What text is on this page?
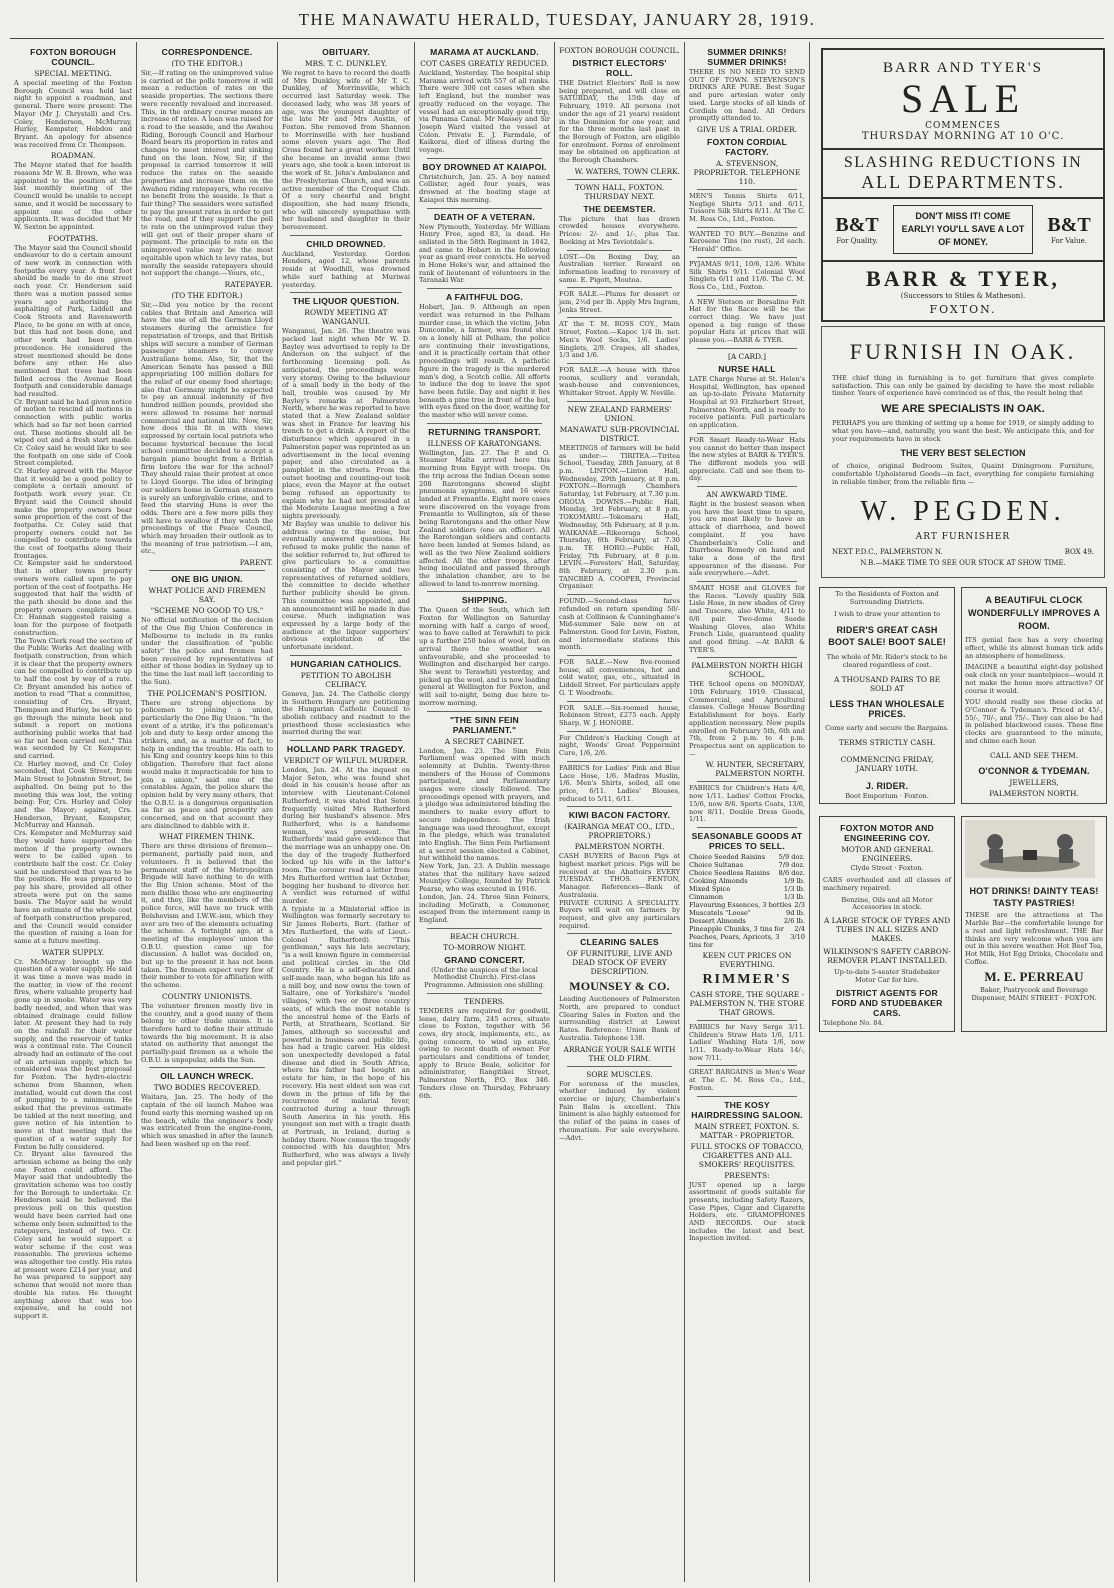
THE MANAWATU HERALD, TUESDAY, JANUARY 28, 1919.
FOXTON BOROUGH COUNCIL.
SPECIAL MEETING.

A special meeting of the Foxton Borough Council was held last night to appoint a roadman, and general. There were present: The Mayor (Mr J. Chrystall) and Crs. Coley, Henderson, McMurray, Hurley, Kempster, Hebdon and Bryant. An apology for absence was received from Cr. Thompson.

ROADMAN.

The Mayor stated that for health reasons Mr W. B. Brown, who was appointed to the position at the last monthly meeting of the Council would be unable to accept same, and it would be necessary to appoint one of the other applicants. It was decided that Mr W. Sexton be appointed.

FOOTPATHS.

The Mayor said the Council should endeavour to do a certain amount of new work in connection with footpaths every year. A front foot should be made to do one street each year. Cr. Henderson said there was a motion passed some years ago authorising the asphalting of Park, Liddell and Cook Streets and Ravensworth Place, to be gone on with at once, but this had not been done, and other work had been given precedence. He considered the street mentioned should be done before any other. He also mentioned that trees had been felled across the Avenue Road footpath and considerable damage had resulted.

Cr. Bryant said he had given notice of motion to rescind all motions in connection with public works which had so far not been carried out. These motions should all be wiped out and a fresh start made. Cr. Coley said he would like to see the footpath on one side of Cook Street completed.

Cr. Hurley agreed with the Mayor that it would be a good policy to complete a certain amount of footpath work every year. Cr. Bryant said the Council should make the property owners bear some proportion of the cost of the footpaths. Cr. Coley said that property owners could not be compelled to contribute towards the cost of footpaths along their frontages.

Cr. Kempster said he understood that in other towns property owners were called upon to pay portion of the cost of footpaths. He suggested that half the width of the path should be done and the property owners complete same. Cr. Hannah suggested raising a loan for the purpose of footpath construction.

The Town Clerk read the section of the Public Works Act dealing with footpath construction, from which it is clear that the property owners can be compelled to contribute up to half the cost by way of a rate. Cr. Bryant amended his notice of motion to read "That a committee, consisting of Crs. Bryant, Thompson and Hurley, be set up to go through the minute book and submit a report on motions authorising public works that had so far not been carried out." This was seconded by Cr. Kempster, and carried.

Cr. Hurley moved, and Cr. Coley seconded, that Cook Street, from Main Street to Johnston Street, be asphalted. On being put to the meeting this was lost, the voting being: For, Crs. Hurley and Coley and the Mayor; against, Crs. Henderson, Bryant, Kempster, McMurray and Hannah.

Crs. Kempster and McMurray said they would have supported the motion if the property owners were to be called upon to contribute half the cost. Cr. Coley said he understood that was to be the position. He was prepared to pay his share, provided all other streets were put on the same basis. The Mayor said he would have an estimate of the whole cost of footpath construction prepared, and the Council would consider the question of raising a loan for same at a future meeting.

WATER SUPPLY.

Cr. McMurray brought up the question of a water supply. He said it was time a move was made in the matter, in view of the recent fires, where valuable property had gone up in smoke. Water was very badly needed, and when that was obtained drainage could follow later. At present they had to rely on the rainfall for their water supply, and the reservoir of tanks was a continual rate. The Council already had an estimate of the cost of an artesian supply, which he considered was the best proposal for Foxton. The hydro-electric scheme from Shannon, when installed, would cut down the cost of pumping to a minimum. He asked that the previous estimate be tabled at the next meeting, and gave notice of his intention to move at that meeting that the question of a water supply for Foxton be fully considered.

Cr. Bryant also favoured the artesian scheme as being the only one Foxton could afford. The Mayor said that undoubtedly the gravitation scheme was too costly for the Borough to undertake. Cr. Henderson said he believed the previous poll on this question would have been carried had one scheme only been submitted to the ratepayers, instead of two. Cr. Coley said he would support a water scheme if the cost was reasonable. The previous scheme was altogether too costly. His rates at present were £214 per year, and he was prepared to support any scheme that would not more than double his rates. He thought anything above that was too expensive, and he could not support it.

CORRESPONDENCE.
(TO THE EDITOR.)

Sir,—If rating on the unimproved value is carried at the polls tomorrow it will mean a reduction of rates on the seaside properties. The sections there were recently revalued and increased. This, in the ordinary course means an increase of rates. A loan was raised for a road to the seaside, and the Awahou Riding, Borough Council and Harbour Board bears its proportion in rates and changes to meet interest and sinking fund on the loan. Now, Sir, if the proposal is carried tomorrow it will reduce the rates on the seaside properties and increase them on the Awahou riding ratepayers, who receive no benefit from the seaside. Is that a fair thing? The seasiders were satisfied to pay the present rates in order to get the road, and if they support the poll to rate on the unimproved value they will get out of their proper share of payment. The principle to rate on the unimproved value may be the most equitable upon which to levy rates, but morally the seaside ratepayers should not support the change.—Yours, etc.,

RATEPAYER.
(TO THE EDITOR.)

Sir,—Did you notice by the recent cables that Britain and America will have the use of all the German Lloyd steamers during the armistice for repatriation of troops, and that British ships will secure a number of German passenger steamers to convey Australians home. Also, Sir, that the American Senate has passed a Bill appropriating 100 million dollars for the relief of our enemy food shortage; also that Germany might be expected to pay an annual indemnity of five hundred million pounds, provided she were allowed to resume her normal commercial and national life. Now, Sir, how does this fit in with views expressed by certain local patriots who became hysterical because the local school committee decided to accept a bargain piano bought from a British firm before the war for the school? They should raise their protest at once to Lloyd George. The idea of bringing our soldiers home in German steamers is surely an unforgivable crime, and to feed the starving Huns is over the odds. There are a few more pills they will have to swallow if they watch the proceedings of the Peace Council, which may broaden their outlook as to the meaning of true patriotism.—I am, etc.,

PARENT.
ONE BIG UNION.
WHAT POLICE AND FIREMEN SAY.
"SCHEME NO GOOD TO US."

No official notification of the decision of the One Big Union Conference in Melbourne to include in its ranks under the classification of "public safety" the police and firemen had been received by representatives of either of those bodies in Sydney up to the time the last mail left (according to the Sun).

THE POLICEMAN'S POSITION.

There are strong objections by policemen to joining a union, particularly the One Big Union. "In the event of a strike, it's the policeman's job and duty to keep order among the strikers, and, as a matter of fact, to help in ending the trouble. His oath to his King and country keeps him to this obligation. Therefore that fact alone would make it impracticable for him to join a union," said one of the constables. Again, the police share the opinion held by very many others, that the O.B.U. is a dangerous organisation as far as peace and prosperity are concerned, and on that account they are disinclined to dabble with it.

WHAT FIREMEN THINK.

There are three divisions of firemen—permanent, partially paid men, and volunteers. It is believed that the permanent staff of the Metropolitan Brigade will have nothing to do with the Big Union scheme. Most of the men dislike those who are engineering it, and they, like the members of the police force, will have no truck with Bolshevism and I.W.W.-ism, which they aver are two of the elements actuating the scheme. A fortnight ago, at a meeting of the employees' union the O.B.U. question came up for discussion. A ballot was decided on, but up to the present it has not been taken. The firemen expect very few of their number to vote for affiliation with the scheme.

COUNTRY UNIONISTS.

The volunteer firemen mostly live in the country, and a good many of them belong to other trade unions. It is therefore hard to define their attitude towards the big movement. It is also stated on authority that amongst the partially-paid firemen as a whole the O.B.U. is unpopular, adds the Sun.

OIL LAUNCH WRECK.
TWO BODIES RECOVERED.

Waitara, Jan. 25. The body of the captain of the oil launch Mahoe was found early this morning washed up on the beach, while the engineer's body was extricated from the engine-room, which was smashed in after the launch had been washed up on the reef.

OBITUARY.
MRS. T. C. DUNKLEY.

We regret to have to record the death of Mrs Dunkley, wife of Mr T. C. Dunkley, of Morrinsville, which occurred last Saturday week. The deceased lady, who was 38 years of age, was the youngest daughter of the late Mr and Mrs Austin, of Foxton. She removed from Shannon to Morrinsville with her husband some eleven years ago. The Red Cross found her a great worker. Until she became an invalid some (two years ago, she took a keen interest in the work of St. John's Ambulance and the Presbyterian Church, and was an active member of the Croquet Club. Of a very cheerful and bright disposition, she had many friends, who will sincerely sympathise with her husband and daughter in their bereavement.

CHILD DROWNED.

Auckland, Yesterday. Gordon Henders, aged 12, whose parents reside at Woodhill, was drowned while surf bathing at Muriwai yesterday.

THE LIQUOR QUESTION.
ROWDY MEETING AT WANGANUI.

Wanganui, Jan. 26. The theatre was packed last night when Mr W. D. Bayley was advertised to reply to Dr Anderson on the subject of the forthcoming licensing poll. As anticipated, the proceedings were very stormy. Owing to the behaviour of a small body in the body of the hall, trouble was caused by Mr Bayley's remarks at Palmerston North, where he was reported to have stated that a New Zealand soldier was shot in France for leaving his trench to get a drink. A report of the disturbance which appeared in a Palmerston paper was reprinted as an advertisement in the local evening paper, and also circulated as a pamphlet in the streets. From the outset hooting and counting-out took place, even the Mayor at the outset being refused an opportunity to explain why he had not presided at the Moderate League meeting a few nights previously.

Mr Bayley was unable to deliver his address owing to the noise, but eventually answered questions. He refused to make public the name of the soldier referred to, but offered to give particulars to a committee consisting of the Mayor and two representatives of returned soldiers, the committee to decide whether further publicity should be given. This committee was appointed, and an announcement will be made in due course. Much indignation was expressed by a large body of the audience at the liquor supporters' obvious exploitation of the unfortunate incident.

HUNGARIAN CATHOLICS.
PETITION TO ABOLISH CELIBACY.

Geneva, Jan. 24. The Catholic clergy in Southern Hungary are petitioning the Hungarian Catholic Council to abolish celibacy and readmit to the priesthood those ecclesiastics who married during the war.

HOLLAND PARK TRAGEDY.
VERDICT OF WILFUL MURDER.

London, Jan. 24. At the inquest on Major Seton, who was found shot dead in his cousin's house after an interview with Lieutenant-Colonel Rutherford, it was stated that Seton frequently visited Mrs Rutherford during her husband's absence. Mrs Rutherford, who is a handsome woman, was present. The Rutherfords' maid gave evidence that the marriage was an unhappy one. On the day of the tragedy Rutherford locked up his wife in the latter's room. The coroner read a letter from Mrs Rutherford written last October, begging her husband to divorce her. A verdict was returned of wilful murder.

A typiste in a Ministerial office in Wellington was formerly secretary to Sir James Roberts, Bart. (father of Mrs Rutherford, the wife of Lieut.-Colonel Rutherford). "This gentleman," says his late secretary, "is a well known figure in commercial and political circles in the Old Country. He is a self-educated and self-made man, who began his life as a mill boy, and now owns the town of Saltaire, one of Yorkshire's 'model villages,' with two or three country seats, of which the most notable is the ancestral home of the Earls of Perth, at Strathearn, Scotland. Sir James, although so successful and powerful in business and public life, has had a tragic career. His eldest son unexpectedly developed a fatal disease and died in South Africa, where his father had bought an estate for him, in the hope of his recovery. His next eldest son was cut down in the prime of life by the recurrence of malarial fever, contracted during a tour through South America in his youth. His youngest son met with a tragic death at Portrush, in Ireland, during a holiday there. Now comes the tragedy connected with his daughter, Mrs Rutherford, who was always a lively and popular girl."

MARAMA AT AUCKLAND.
COT CASES GREATLY REDUCED.

Auckland, Yesterday. The hospital ship Marama arrived with 557 of all ranks. There were 300 cot cases when she left England, but the number was greatly reduced on the voyage. The vessel had an exceptionally good trip, via Panama Canal. Mr Massey and Sir Joseph Ward visited the vessel at Colon. Private E. J. Farmdale, of Kaikorai, died of illness during the voyage.

BOY DROWNED AT KAIAPOI.

Christchurch, Jan. 25. A boy named Collister, aged four years, was drowned at the boating stage at Kaiapoi this morning.

DEATH OF A VETERAN.

New Plymouth, Yesterday. Mr William Henry Free, aged 83, is dead. He enlisted in the 58th Regiment in 1842, and came to Hobart in the following year as guard over convicts. He served in Hone Heke's war, and attained the rank of lieutenant of volunteers in the Taranaki War.

A FAITHFUL DOG.

Hobart, Jan. 9. Although an open verdict was returned in the Pelham murder case, in which the victim, John Duncombe, a farmer, was found shot on a lonely hill at Pelham, the police are continuing their investigations, and it is practically certain that other proceedings will result. A pathetic figure in the tragedy is the murdered man's dog, a Scotch collie. All efforts to induce the dog to leave the spot have been futile. Day and night it lies beneath a pine tree in front of the hut, with eyes fixed on the door, waiting for the master who will never come.

RETURNING TRANSPORT.
ILLNESS OF KARATONGANS.

Wellington, Jan. 27. The P. and O. Steamer Malta arrived here this morning from Egypt with troops. On the trip across the Indian Ocean some 208 Rarotongans showed slight pneumonia symptoms, and 16 were landed at Fremantle. Eight more cases were discovered on the voyage from Fremantle to Wellington, six of these being Rarotongans and the other New Zealand soldiers (one an officer). All the Rarotongan soldiers and contacts have been landed at Somes Island, as well as the two New Zealand soldiers affected. All the other troops, after being inoculated and passed through the inhalation chamber, are to be allowed to land to-morrow morning.

SHIPPING.

The Queen of the South, which left Foxton for Wellington on Saturday morning with half a cargo of wood, was to have called at Terawhiti to pick up a further 250 bales of wool, but on arrival there the weather was unfavourable, and she proceeded to Wellington and discharged her cargo. She went to Terawhiti yesterday, and picked up the wool, and is now loading general at Wellington for Foxton, and will sail to-night, being due here to-morrow morning.

"THE SINN FEIN PARLIAMENT."
A SECRET CABINET.

London, Jan. 23. The Sinn Fein Parliament was opened with much solemnity at Dublin. Twenty-three members of the House of Commons participated, and Parliamentary usages were closely followed. The proceedings opened with prayers, and a pledge was administered binding the members to make every effort to secure independence. The Irish language was used throughout, except in the pledge, which was translated into English. The Sinn Fein Parliament at a secret session elected a Cabinet, but withheld the names.

New York, Jan. 23. A Dublin message states that the military have seized Mountjoy College, founded by Patrick Pearse, who was executed in 1916.

London, Jan. 24. Three Sinn Feiners, including McGrath, a Commoner, escaped from the internment camp in England.

BEACH CHURCH.
TO-MORROW NIGHT.
GRAND CONCERT.

(Under the auspices of the local Methodist Church). First-class Programme. Admission one shilling.

TENDERS.

TENDERS are required for goodwill, lease, dairy farm, 245 acres, situate close to Foxton, together with 56 cows, dry stock, implements, etc., as going concern, to wind up estate, owing to recent death of owner. For particulars and conditions of tender, apply to Bruce Beale, solicitor for administrator, Rangitikei Street, Palmerston North, P.O. Box 346. Tenders close on Thursday, February 6th.

FOXTON BOROUGH COUNCIL.
DISTRICT ELECTORS' ROLL.

THE District Electors' Roll is now being prepared, and will close on SATURDAY, the 15th day of February, 1919. All persons (not under the age of 21 years) resident in the Dominion for one year, and for the three months last past in the Borough of Foxton, are eligible for enrolment. Forms of enrolment may be obtained on application at the Borough Chambers.

W. WATERS, TOWN CLERK.
TOWN HALL, FOXTON. THURSDAY NEXT.
THE DEEMSTER.

The picture that has drawn crowded houses everywhere. Prices: 2/- and 1/-, plus Tax. Booking at Mrs Teviotdale's.

LOST.—On Boxing Day, an Australian terrier. Reward on information leading to recovery of same. E. Pigott, Moutoa.

FOR SALE.—Plums for dessert or jam, 2½d per lb. Apply Mrs Ingram, Jenks Street.

AT the T. M. ROSS COY., Main Street, Foxton.—Kapoc 1/4 lb. net. Men's Wool Socks, 1/6. Ladies' Singlets, 2/9. Crapes, all shades, 1/3 and 1/6.

FOR SALE.—A house with three rooms, scullery and verandah, wash-house and conveniences, Whittaker Street. Apply W. Neville.

NEW ZEALAND FARMERS' UNION.
MANAWATU SUB-PROVINCIAL DISTRICT.

MEETINGS of farmers will be held as under:— TIRITEA.—Tiritea School, Tuesday, 28th January, at 8 p.m. LINTON.—Linton Hall, Wednesday, 29th January, at 8 p.m. FOXTON.—Borough Chambers Saturday, 1st February, at 7.30 p.m. OROUA DOWNS.—Public Hall, Monday, 3rd February, at 8 p.m. TOKOMARU.—Tokomaru Hall, Wednesday, 5th February, at 8 p.m. WAIKANAE.—Rikeoraga School, Thursday, 6th February, at 7.30 p.m. TE HORO.—Public Hall, Friday, 7th February, at 8 p.m. LEVIN.—Foresters' Hall, Saturday, 8th February, at 2.30 p.m. TANCRED A. COOPER, Provincial Organiser.

FOUND.—Second-class fares refunded on return spending 50/- cash at Collinson & Cunninghame's Mid-summer Sale now on at Palmerston. Good for Levin, Foxton, and intermediate stations this month.

FOR SALE.—New five-roomed house, all conveniences, hot and cold water, gas, etc., situated in Liddell Street. For particulars apply G. T. Woodroofe.

FOR SALE.—Six-roomed house, Robinson Street, £275 each. Apply Sharp, W. J. HONORE.

For Children's Hacking Cough at night, Woods' Great Peppermint Cure, 1/6, 2/6.

FABRICS for Ladies' Pink and Blue Lace Hose, 1/6. Madras Muslin, 1/6. Men's Shirts, soiled, all one price, 6/11. Ladies' Blouses, reduced to 5/11, 6/11.

KIWI BACON FACTORY.
(KAIRANGA MEAT CO., LTD., PROPRIETORS.)
PALMERSTON NORTH.

CASH BUYERS of Bacon Pigs at highest market prices. Pigs will be received at the Abattoirs EVERY TUESDAY. THOS. FENTON, Manager. References—Bank of Australasia.

PRIVATE CURING A SPECIALITY. Buyers will wait on farmers by request, and give any particulars required.

CLEARING SALES
OF FURNITURE, LIVE AND DEAD STOCK OF EVERY DESCRIPTION.
MOUNSEY & CO.

Leading Auctioneers of Palmerston North, are prepared to conduct Clearing Sales in Foxton and the surrounding district at Lowest Rates. Reference: Union Bank of Australia. Telephone 138.

ARRANGE YOUR SALE WITH THE OLD FIRM.
SORE MUSCLES.

For soreness of the muscles, whether induced by violent exercise or injury, Chamberlain's Pain Balm is excellent. This liniment is also highly esteemed for the relief of the pains in cases of rheumatism. For sale everywhere.—Advt.

SUMMER DRINKS! SUMMER DRINKS!

THERE IS NO NEED TO SEND OUT OF TOWN. STEVENSON'S DRINKS ARE PURE. Best Sugar and pure artesian water only used. Large stocks of all kinds of Cordials on hand. All Orders promptly attended to.

GIVE US A TRIAL ORDER.
FOXTON CORDIAL FACTORY.
A. STEVENSON, PROPRIETOR. TELEPHONE 110.

MEN'S Tennis Shirts 6/11, Negligé Shirts 5/11 and 6/11, Tussore Silk Shirts 8/11. At The C. M. Ross Co., Ltd., Foxton.

WANTED TO BUY.—Benzine and Kerosene Tins (no rust), 2d each. "Herald" Office.

PYJAMAS 9/11, 10/6, 12/6. White Silk Shirts 9/11. Colonial Wool Singlets 6/11 and 11/6. The C. M. Ross Co., Ltd., Foxton.

A NEW Stetson or Borsalino Felt Hat for the Races will be the correct thing. We have just opened a big range of these popular Hats at prices that will please you.—BARR & TYER.

[A CARD.]
NURSE HALL

LATE Charge Nurse at St. Helen's Hospital, Wellington, has opened an up-to-date Private Maternity Hospital at 93 Fitzherbert Street, Palmerston North, and is ready to receive patients. Full particulars on application.

FOR Smart Ready-to-Wear Hats you cannot do better than inspect the new styles at BARR & TYER'S. The different models you will appreciate. Call and see them to-day.

AN AWKWARD TIME.

Right in the busiest season when you have the least time to spare, you are most likely to have an attack of diarrhoea, and bowel complaint. If you have Chamberlain's Colic and Diarrhoea Remedy on hand and take a dose of the first appearance of the disease. For sale everywhere.—Advt.

SMART HOSE and GLOVES for the Races. "Lovely quality Silk Lisle Hose, in new shades of Grey and Tuscore, also White, 4/11 to 6/6 pair. Two-dome Suede Washing Gloves, also White French Lisle, guaranteed quality and good fitting. —At BARR & TYER'S.

PALMERSTON NORTH HIGH SCHOOL.

THE School opens on MONDAY, 10th February, 1919. Classical, Commercial, and Agricultural classes. College House Boarding Establishment for boys. Early application necessary. New pupils enrolled on February 5th, 6th and 7th, from 2 p.m. to 4 p.m. Prospectus sent on application to—

W. HUNTER, SECRETARY, PALMERSTON NORTH.

FABRICS for Children's Hats 4/6, now 1/11. Ladies' Cotton Frocks, 15/6, now 8/6. Sports Coats, 13/6, now 8/11. Double Dress Goods, 1/11.

SEASONABLE GOODS AT PRICES TO SELL.
Choice Seeded Raisins 5/9 doz.
Choice Sultanas	7/9 doz.
Choice Seedless Raisins 8/6 doz.
Cooking Almonds	1/9 lb.
Mixed Spice	1/3 lb.
Cinnamon	1/3 lb.
Flavouring Essences, 3 bottles 2/3
Muscatels "Loose"	9d lb.
Dessert Almonds	2/6 lb.
Pineapple Chunks, 3 tins for 2/4
Peaches, Pears, Apricots, 3 tins for
3/10
KEEN CUT PRICES ON EVERYTHING.
RIMMER'S
CASH STORE, THE SQUARE - PALMERSTON N. THE STORE THAT GROWS.

FABRICS for Navy Serge 3/11. Children's Straw Hats 1/6, 1/11. Ladies' Washing Hats 1/6, now 1/11. Ready-to-Wear Hats 14/-, now 7/11.

GREAT BARGAINS in Men's Wear at The C. M. Ross Co., Ltd., Foxton.

THE KOSY HAIRDRESSING SALOON.
MAIN STREET, FOXTON. S. MATTAR - PROPRIETOR.
FULL STOCKS OF TOBACCO, CIGARETTES AND ALL SMOKERS' REQUISITES.
PRESENTS:

JUST opened up a large assortment of goods suitable for presents, including Safety Razors, Case Pipes, Cigar and Cigarette Holders, etc. GRAMOPHONES AND RECORDS. Our stock includes the latest and best. Inspection invited.

BARR AND TYER'S
SALE
COMMENCES
THURSDAY MORNING AT 10 O'C.
SLASHING REDUCTIONS IN
ALL DEPARTMENTS.
B&T
For Quality.
DON'T MISS IT! COME EARLY! YOU'LL SAVE A LOT OF MONEY.
B&T
For Value.
BARR & TYER,
(Successors to Stiles & Matheson).
FOXTON.
FURNISH IN OAK.

THE chief thing in furnishing is to get furniture that gives complete satisfaction. This can only be gained by deciding to have the most reliable timber. Years of experience have convinced us of this, the result being that

WE ARE SPECIALISTS IN OAK.

PERHAPS you are thinking of setting up a home for 1919, or simply adding to what you have—and, naturally, you want the best. We anticipate this, and for your requirements have in stock

THE VERY BEST SELECTION

of choice, original Bedroom Suites, Quaint Diningroom Furniture, comfortable Upholstered Goods—in fact, everything for complete furnishing in reliable timber, from the reliable firm —

W. PEGDEN.
ART FURNISHER
NEXT P.D.C., PALMERSTON N.	BOX 49.
N.B.—MAKE TIME TO SEE OUR STOCK AT SHOW TIME.

To the Residents of Foxton and Surrounding Districts.

I wish to draw your attention to

RIDER'S GREAT CASH BOOT SALE! BOOT SALE!

The whole of Mr. Rider's stock to be cleared regardless of cost.

A THOUSAND PAIRS TO BE SOLD AT
LESS THAN WHOLESALE PRICES.

Come early and secure the Bargains.

TERMS STRICTLY CASH.
COMMENCING FRIDAY, JANUARY 10TH.
J. RIDER.

Boot Emporium · Foxton.

A BEAUTIFUL CLOCK WONDERFULLY IMPROVES A ROOM.

ITS genial face has a very cheering effect, while its almost human tick adds an atmosphere of homeliness.

IMAGINE a beautiful eight-day polished oak clock on your mantelpiece—would it not make the home more attractive? Of course it would.

YOU should really see these clocks at O'Connor & Tydeman's. Priced at 45/-, 55/-, 70/-, and 75/-. They can also be had in polished blackwood cases. These fine clocks are guaranteed to the minute, and chime each hour.

CALL AND SEE THEM.
O'CONNOR & TYDEMAN.
JEWELLERS,
PALMERSTON NORTH.
FOXTON MOTOR AND ENGINEERING COY.
MOTOR AND GENERAL ENGINEERS.

Clyde Street · Foxton.

CARS overhauled and all classes of machinery repaired.

Benzine, Oils and all Motor Accessories in stock.

A LARGE STOCK OF TYRES AND TUBES IN ALL SIZES AND MAKES.
WILKINSON'S SAFETY CARBON-REMOVER PLANT INSTALLED.

Up-to-date 5-seater Studebaker Motor Car for hire.

DISTRICT AGENTS FOR FORD AND STUDEBAKER CARS.

Telephone No. 84.

HOT DRINKS! DAINTY TEAS! TASTY PASTRIES!

THESE are the attractions at The Marble Bar—the comfortable lounge for a rest and light refreshment. THE Bar thinks are very welcome when you are out in this severe weather. Hot Beef Tea, Hot Milk, Hot Egg Drinks, Chocolate and Coffee.

M. E. PERREAU

Baker, Pastrycook and Beverage Dispenser, MAIN STREET · FOXTON.
